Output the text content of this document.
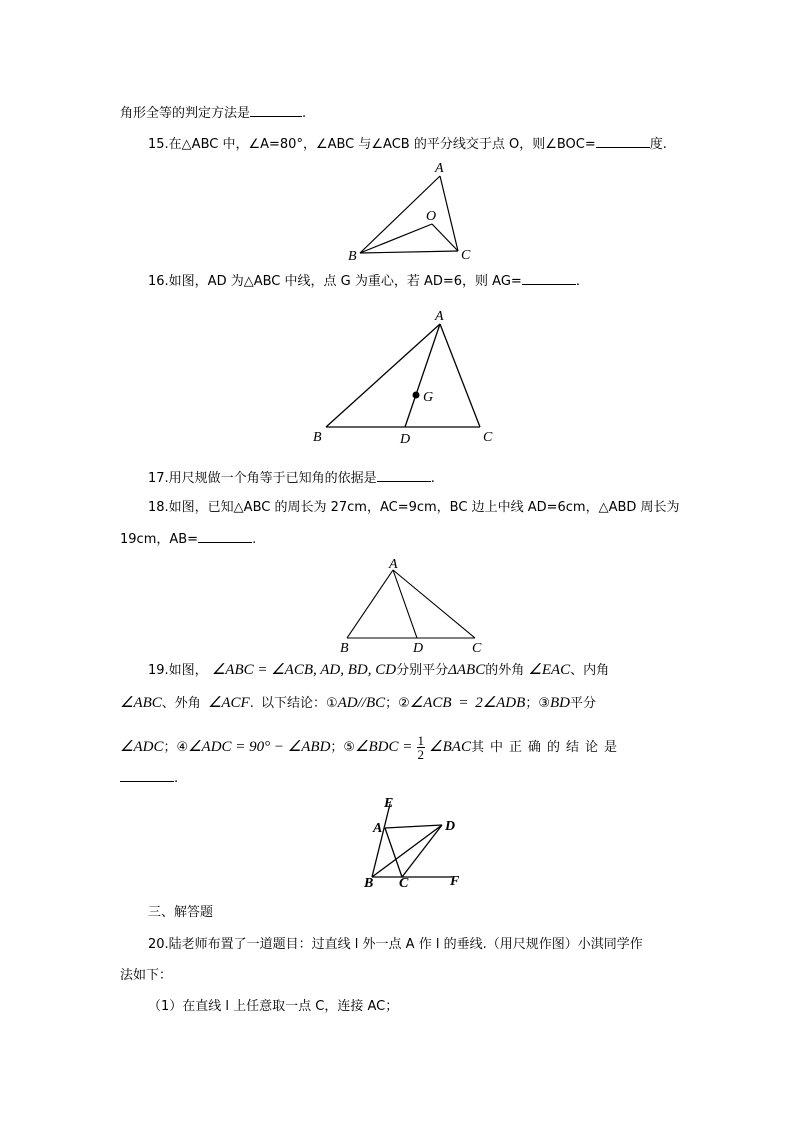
角形全等的判定方法是	.
15.在△ABC 中，∠A=80°，∠ABC 与∠ACB 的平分线交于点 O，则∠BOC=	度.
A
B	C
O
16.如图，AD 为△ABC 中线，点 G 为重心，若 AD=6，则 AG=	.
A
B	C
D
G
17.用尺规做一个角等于已知角的依据是	.
18.如图，已知△ABC 的周长为 27cm，AC=9cm，BC 边上中线 AD=6cm，△ABD 周长为
19cm，AB=	.
A
B	D	C
19.如图， ∠ABC = ∠ACB, AD, BD, CD分别平分ΔABC的外角 ∠EAC、内角
∠ABC、外角 ∠ACF. 以下结论：①AD//BC；②∠ACB = 2∠ADB；③BD平分
∠ADC；④∠ADC = 90° − ∠ABD；⑤∠BDC = $\frac{1}{2}$ ∠BAC其中正确的结论是
.
E
A	D
B C	F
三、解答题
20.陆老师布置了一道题目：过直线 l 外一点 A 作 l 的垂线.（用尺规作图）小淇同学作
法如下：
（1）在直线 l 上任意取一点 C，连接 AC；
